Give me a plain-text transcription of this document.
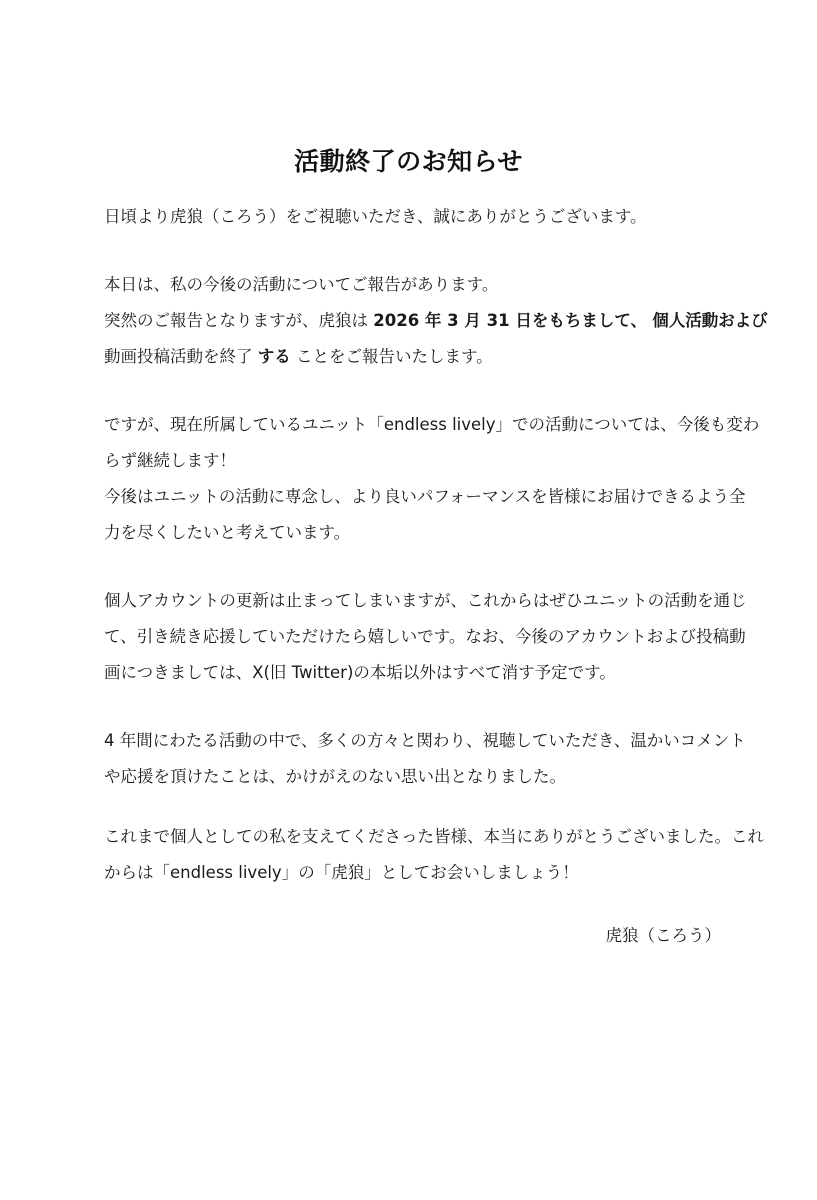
活動終了のお知らせ
日頃より虎狼（ころう）をご視聴いただき、誠にありがとうございます。
本日は、私の今後の活動についてご報告があります。
突然のご報告となりますが、虎狼は 2026 年 3 月 31 日をもちまして、 個人活動および
動画投稿活動を終了 する ことをご報告いたします。
ですが、現在所属しているユニット「endless lively」での活動については、今後も変わ
らず継続します！
今後はユニットの活動に専念し、より良いパフォーマンスを皆様にお届けできるよう全
力を尽くしたいと考えています。
個人アカウントの更新は止まってしまいますが、これからはぜひユニットの活動を通じ
て、引き続き応援していただけたら嬉しいです。なお、今後のアカウントおよび投稿動
画につきましては、X(旧 Twitter)の本垢以外はすべて消す予定です。
4 年間にわたる活動の中で、多くの方々と関わり、視聴していただき、温かいコメント
や応援を頂けたことは、かけがえのない思い出となりました。
これまで個人としての私を支えてくださった皆様、本当にありがとうございました。これ
からは「endless lively」の「虎狼」としてお会いしましょう！
虎狼（ころう）
